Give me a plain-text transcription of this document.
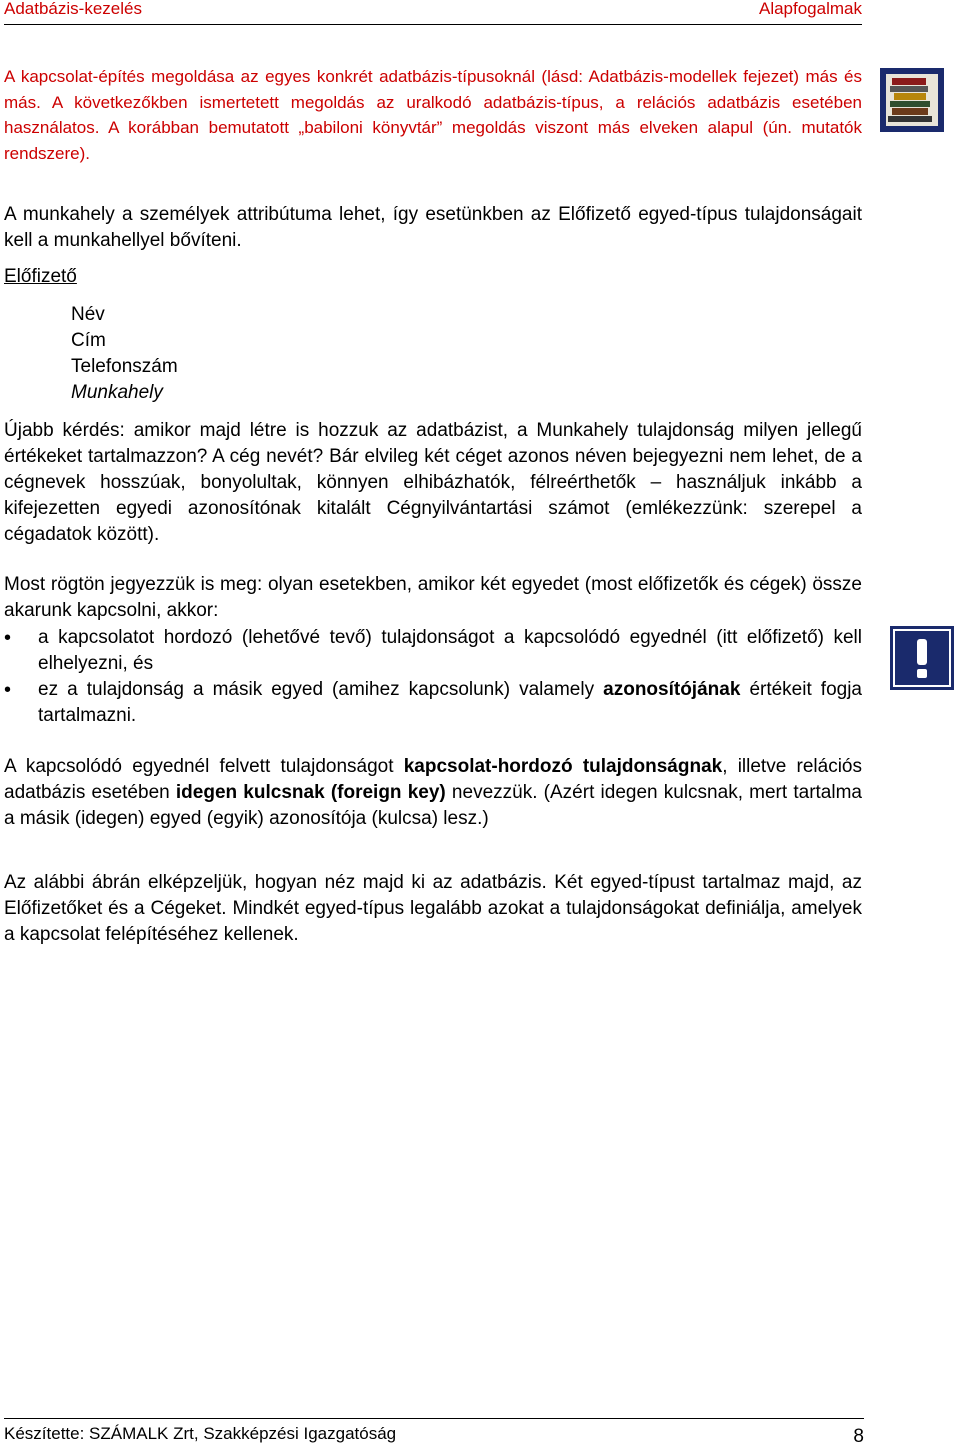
Adatbázis-kezelés	Alapfogalmak
A kapcsolat-építés megoldása az egyes konkrét adatbázis-típusoknál (lásd: Adatbázis-modellek fejezet) más és más. A következőkben ismertetett megoldás az uralkodó adatbázis-típus, a relációs adatbázis esetében használatos. A korábban bemutatott „babiloni könyvtár” megoldás viszont más elveken alapul (ún. mutatók rendszere).
A munkahely a személyek attribútuma lehet, így esetünkben az Előfizető egyed-típus tulajdonságait kell a munkahellyel bővíteni.
Előfizető
Név
Cím
Telefonszám
Munkahely
Újabb kérdés: amikor majd létre is hozzuk az adatbázist, a Munkahely tulajdonság milyen jellegű értékeket tartalmazzon? A cég nevét? Bár elvileg két céget azonos néven bejegyezni nem lehet, de a cégnevek hosszúak, bonyolultak, könnyen elhibázhatók, félreérthetők – használjuk inkább a kifejezetten egyedi azonosítónak kitalált Cégnyilvántartási számot (emlékezzünk: szerepel a cégadatok között).
Most rögtön jegyezzük is meg: olyan esetekben, amikor két egyedet (most előfizetők és cégek) össze akarunk kapcsolni, akkor:
• a kapcsolatot hordozó (lehetővé tevő) tulajdonságot a kapcsolódó egyednél (itt előfizető) kell elhelyezni, és
• ez a tulajdonság a másik egyed (amihez kapcsolunk) valamely azonosítójának értékeit fogja tartalmazni.
A kapcsolódó egyednél felvett tulajdonságot kapcsolat-hordozó tulajdonságnak, illetve relációs adatbázis esetében idegen kulcsnak (foreign key) nevezzük. (Azért idegen kulcsnak, mert tartalma a másik (idegen) egyed (egyik) azonosítója (kulcsa) lesz.)
Az alábbi ábrán elképzeljük, hogyan néz majd ki az adatbázis. Két egyed-típust tartalmaz majd, az Előfizetőket és a Cégeket. Mindkét egyed-típus legalább azokat a tulajdonságokat definiálja, amelyek a kapcsolat felépítéséhez kellenek.
Készítette: SZÁMALK Zrt, Szakképzési Igazgatóság	8
